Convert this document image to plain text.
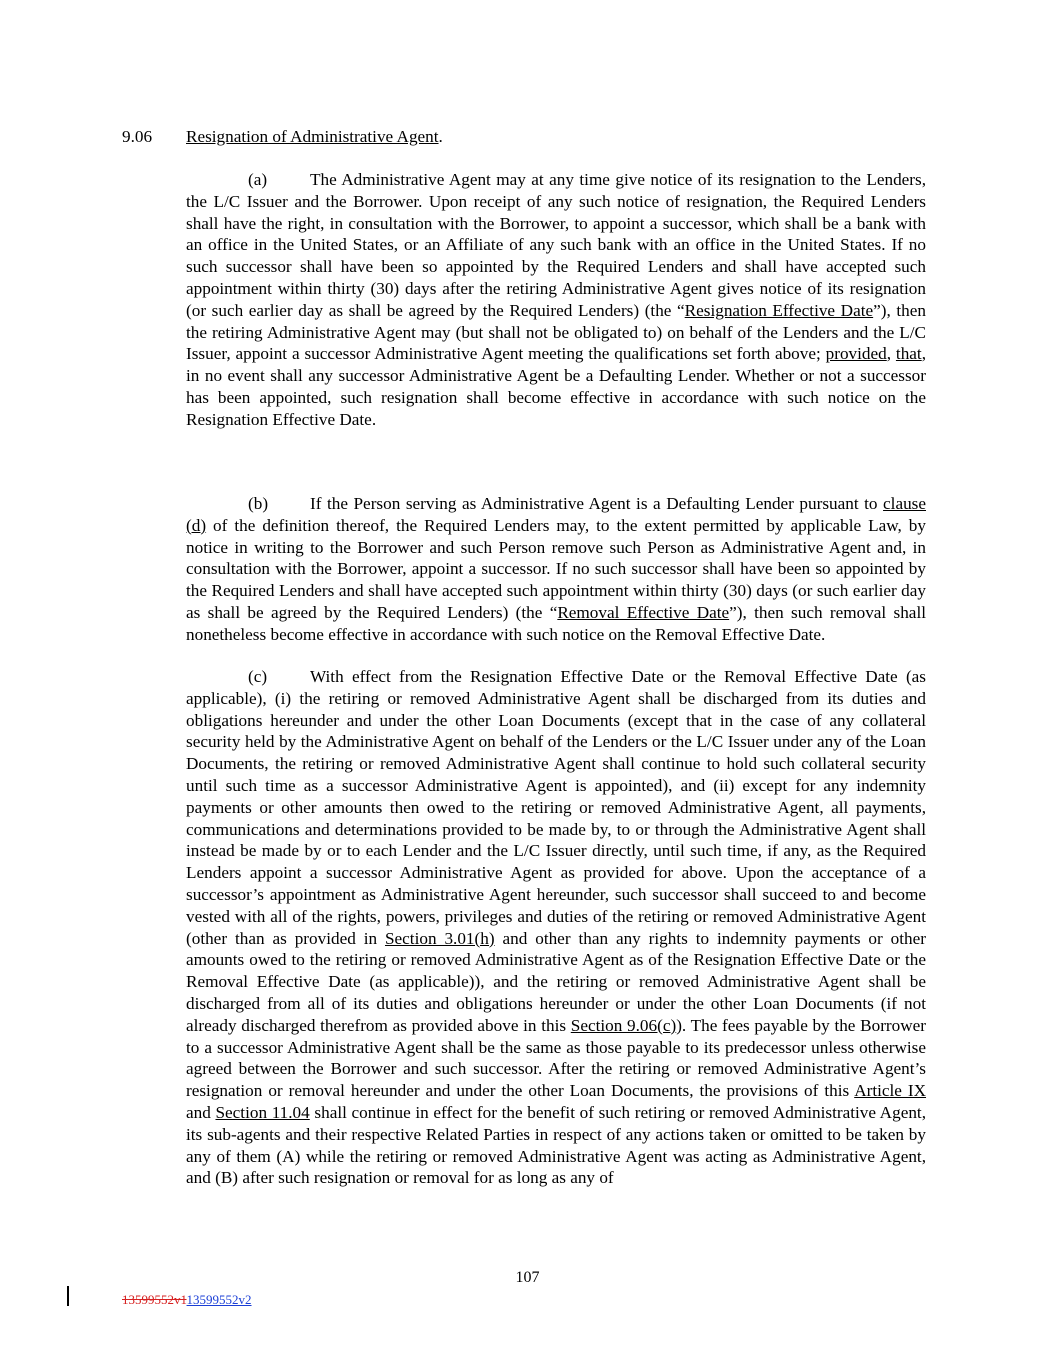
9.06 Resignation of Administrative Agent.

(a) The Administrative Agent may at any time give notice of its resignation to the Lenders, the L/C Issuer and the Borrower. Upon receipt of any such notice of resignation, the Required Lenders shall have the right, in consultation with the Borrower, to appoint a successor, which shall be a bank with an office in the United States, or an Affiliate of any such bank with an office in the United States. If no such successor shall have been so appointed by the Required Lenders and shall have accepted such appointment within thirty (30) days after the retiring Administrative Agent gives notice of its resignation (or such earlier day as shall be agreed by the Required Lenders) (the “Resignation Effective Date”), then the retiring Administrative Agent may (but shall not be obligated to) on behalf of the Lenders and the L/C Issuer, appoint a successor Administrative Agent meeting the qualifications set forth above; provided, that, in no event shall any successor Administrative Agent be a Defaulting Lender. Whether or not a successor has been appointed, such resignation shall become effective in accordance with such notice on the Resignation Effective Date.

(b) If the Person serving as Administrative Agent is a Defaulting Lender pursuant to clause (d) of the definition thereof, the Required Lenders may, to the extent permitted by applicable Law, by notice in writing to the Borrower and such Person remove such Person as Administrative Agent and, in consultation with the Borrower, appoint a successor. If no such successor shall have been so appointed by the Required Lenders and shall have accepted such appointment within thirty (30) days (or such earlier day as shall be agreed by the Required Lenders) (the “Removal Effective Date”), then such removal shall nonetheless become effective in accordance with such notice on the Removal Effective Date.

(c) With effect from the Resignation Effective Date or the Removal Effective Date (as applicable), (i) the retiring or removed Administrative Agent shall be discharged from its duties and obligations hereunder and under the other Loan Documents (except that in the case of any collateral security held by the Administrative Agent on behalf of the Lenders or the L/C Issuer under any of the Loan Documents, the retiring or removed Administrative Agent shall continue to hold such collateral security until such time as a successor Administrative Agent is appointed), and (ii) except for any indemnity payments or other amounts then owed to the retiring or removed Administrative Agent, all payments, communications and determinations provided to be made by, to or through the Administrative Agent shall instead be made by or to each Lender and the L/C Issuer directly, until such time, if any, as the Required Lenders appoint a successor Administrative Agent as provided for above. Upon the acceptance of a successor’s appointment as Administrative Agent hereunder, such successor shall succeed to and become vested with all of the rights, powers, privileges and duties of the retiring or removed Administrative Agent (other than as provided in Section 3.01(h) and other than any rights to indemnity payments or other amounts owed to the retiring or removed Administrative Agent as of the Resignation Effective Date or the Removal Effective Date (as applicable)), and the retiring or removed Administrative Agent shall be discharged from all of its duties and obligations hereunder or under the other Loan Documents (if not already discharged therefrom as provided above in this Section 9.06(c)). The fees payable by the Borrower to a successor Administrative Agent shall be the same as those payable to its predecessor unless otherwise agreed between the Borrower and such successor. After the retiring or removed Administrative Agent’s resignation or removal hereunder and under the other Loan Documents, the provisions of this Article IX and Section 11.04 shall continue in effect for the benefit of such retiring or removed Administrative Agent, its sub-agents and their respective Related Parties in respect of any actions taken or omitted to be taken by any of them (A) while the retiring or removed Administrative Agent was acting as Administrative Agent, and (B) after such resignation or removal for as long as any of

107
13599552v113599552v2
